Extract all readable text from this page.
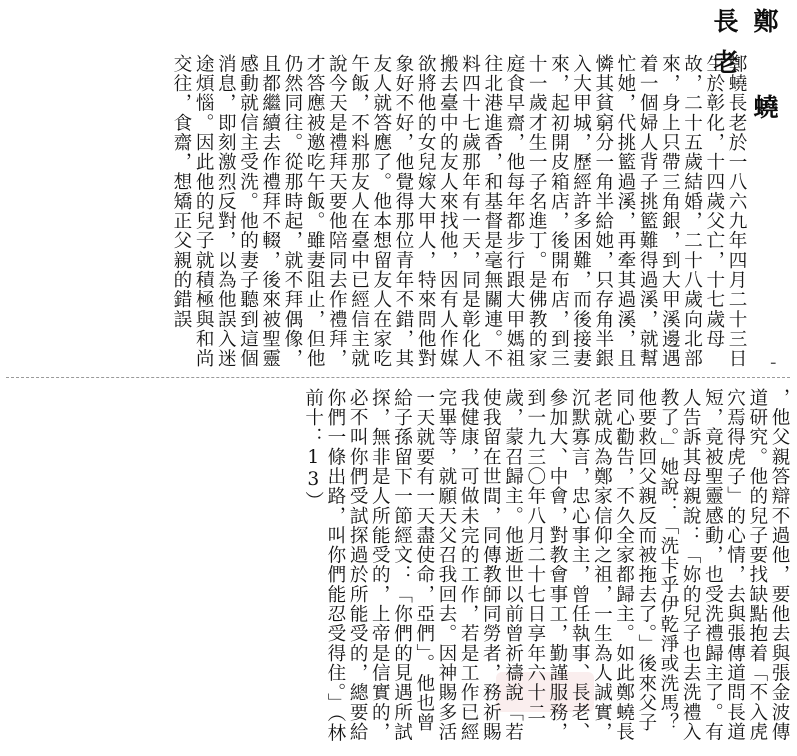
鄭 蟯 長老
鄭蟯長老於一八六九年四月二十三日生於彰化，十四歲父亡，十七歲母故，二十五歲結婚，二十八歲向北部來，身上只帶三角銀，到大甲溪邊遇着一個婦人背子挑籃難得過溪，就幫忙她，代挑籃過溪，再牽其過溪，且憐其貧窮分一角半給她，只存角半銀入大甲城，歷經許多困難，而後接妻來，起初開皮箱店，後開布店，到三十一歲才生一子名進丁。是佛教的家庭食早齋，他每年都步行跟大甲媽祖往北港進香，和基督是毫無關連。不料四十七歲那年有一天，同是彰化人搬去臺中的友人來找他，因有人作媒欲將他的女兒嫁大甲人，特來問他對象好不好，他覺得那位青年不錯，其友人就答應了。他本想留友人在家吃午飯，不料那友人在臺中已經信主就說今天是禮拜天要他陪同去作禮拜，才答應被邀吃午飯。雖妻阻止，但他仍然同往。從那時起，就不拜偶像，且都繼續去作禮拜不輟，後來被聖靈感動就信主受洗。他的妻子聽到這個消息，即刻激烈反對，以為他誤入迷途煩惱。因此他的兒子就積極與和尚交往，食齋，想矯正父親的錯誤
-
，他父親答辯不過他，要他去與張金波傳道研究。他的兒子要找缺點抱着「不入虎穴焉得虎子」的心情，去與張傳道問長道短，竟被聖靈感動，也受洗禮歸主了。有人告訴其母親說：「妳的兒子也去洗禮入教了。」她說：「洗卡乎伊乾淨或洗馬？他要救回父親反而被拖去了。」後來父子同心勸告，不久全家都歸主。如此鄭蟯長老就成為鄭家信仰之祖，一生為人誠實，沉默寡言，忠心事主，曾任執事、長老、參加大、中會，對教會事工，勤謹服務，到一九三〇年八月二十七日享年六十二歲，蒙召歸主。他逝世以前曾祈禱說「若使我留在世間，同傳教師同勞者，務祈賜我健康，可做未完的工作，若是工作已經完畢等，就願天父召我回去。因神賜多活一天就要有一天盡使命，亞們」。他也曾給子孫留下一節經文：「你們的見遇所試探，無非是人所能受的，上帝是信實的，必不叫你們受試探過於所能受的，總要給你們一條出路，叫你們能忍受得住。」（林前十：13）
